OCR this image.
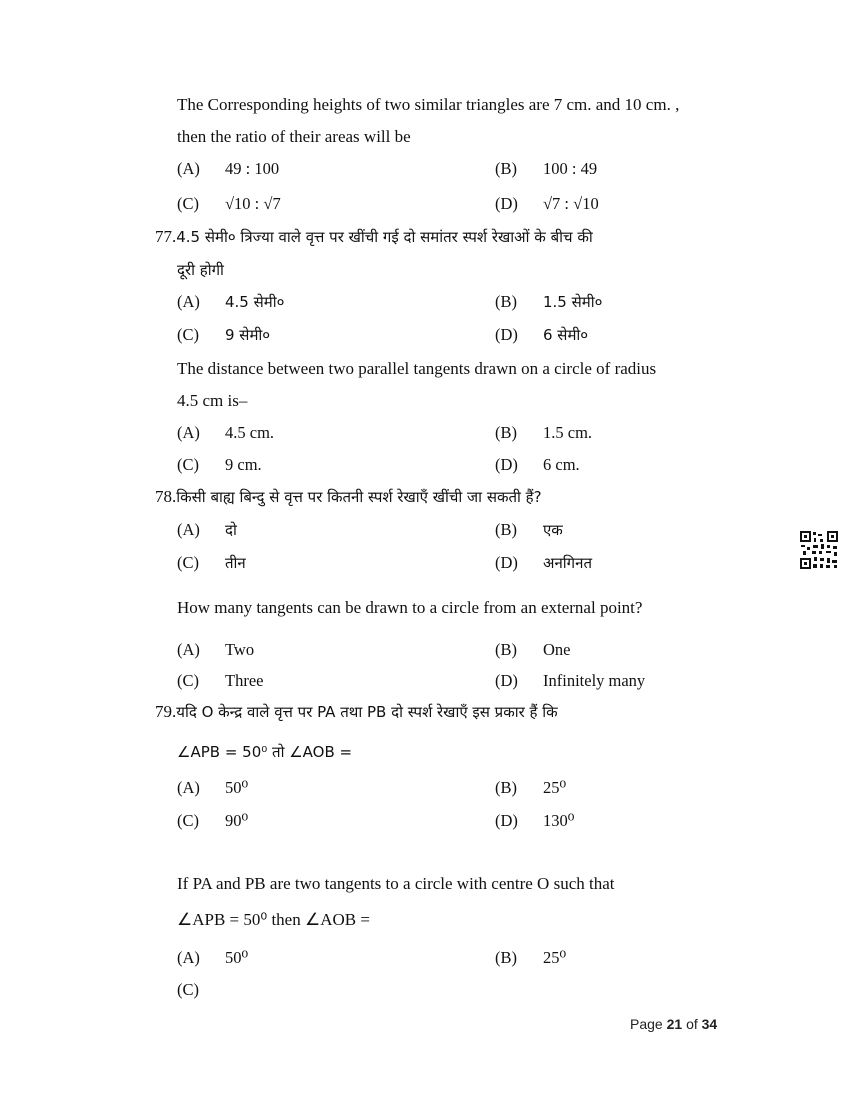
The Corresponding heights of two similar triangles are 7 cm. and 10 cm. ,
then the ratio of their areas will be
(A) 49 : 100	(B) 100 : 49
(C) √10 : √7	(D) √7 : √10
77.4.5 सेमी० त्रिज्या वाले वृत्त पर खींची गई दो समांतर स्पर्श रेखाओं के बीच की
दूरी होगी
(A) 4.5 सेमी०	(B) 1.5 सेमी०
(C) 9 सेमी०	(D) 6 सेमी०
The distance between two parallel tangents drawn on a circle of radius
4.5 cm is–
(A) 4.5 cm.	(B) 1.5 cm.
(C) 9 cm.	(D) 6 cm.
78.किसी बाह्य बिन्दु से वृत्त पर कितनी स्पर्श रेखाएँ खींची जा सकती हैं?
(A) दो	(B) एक
(C) तीन	(D) अनगिनत
How many tangents can be drawn to a circle from an external point?
(A) Two	(B) One
(C) Three	(D) Infinitely many
79.यदि O केन्द्र वाले वृत्त पर PA तथा PB दो स्पर्श रेखाएँ इस प्रकार हैं कि
∠APB = 50⁰ तो ∠AOB =
(A) 50⁰	(B) 25⁰
(C) 90⁰	(D) 130⁰
If PA and PB are two tangents to a circle with centre O such that
∠APB = 50⁰ then ∠AOB =
(A) 50⁰	(B) 25⁰
(C)
Page 21 of 34
